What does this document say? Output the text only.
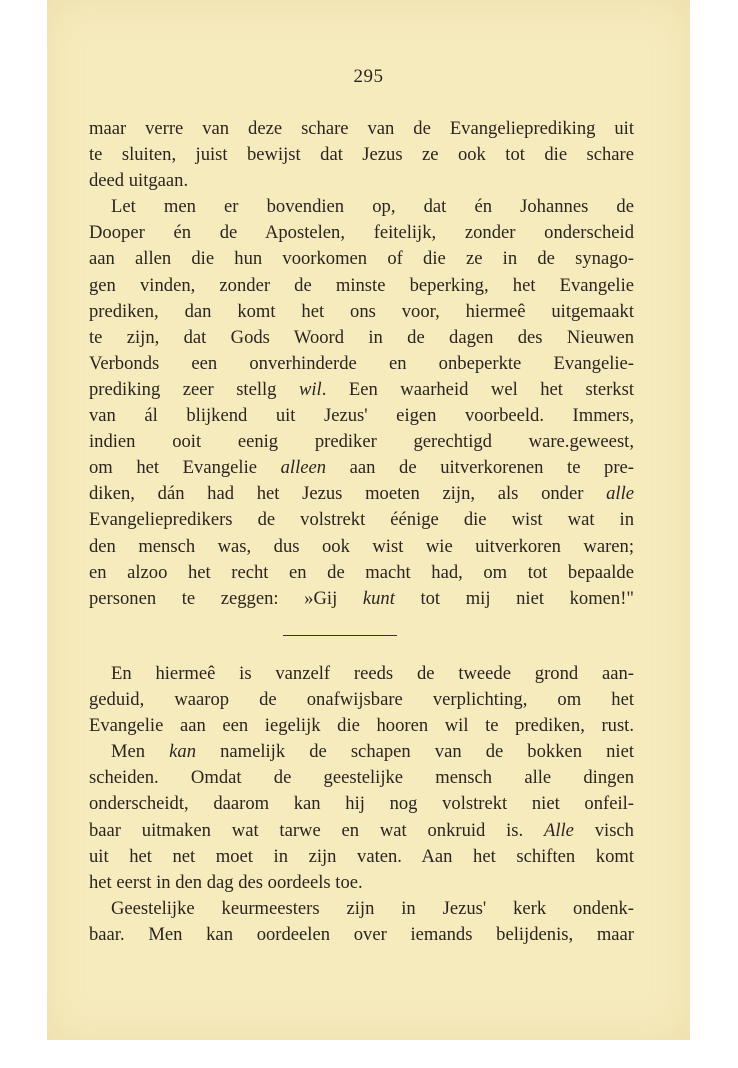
295
maar verre van deze schare van de Evangelieprediking uit
te sluiten, juist bewijst dat Jezus ze ook tot die schare
deed uitgaan.
Let men er bovendien op, dat én Johannes de
Dooper én de Apostelen, feitelijk, zonder onderscheid
aan allen die hun voorkomen of die ze in de synago-
gen vinden, zonder de minste beperking, het Evangelie
prediken, dan komt het ons voor, hiermeê uitgemaakt
te zijn, dat Gods Woord in de dagen des Nieuwen
Verbonds een onverhinderde en onbeperkte Evangelie-
prediking zeer stellg wil. Een waarheid wel het sterkst
van ál blijkend uit Jezus' eigen voorbeeld. Immers,
indien ooit eenig prediker gerechtigd ware.geweest,
om het Evangelie alleen aan de uitverkorenen te pre-
diken, dán had het Jezus moeten zijn, als onder alle
Evangeliepredikers de volstrekt éénige die wist wat in
den mensch was, dus ook wist wie uitverkoren waren;
en alzoo het recht en de macht had, om tot bepaalde
personen te zeggen: »Gij kunt tot mij niet komen!"
En hiermeê is vanzelf reeds de tweede grond aan-
geduid, waarop de onafwijsbare verplichting, om het
Evangelie aan een iegelijk die hooren wil te prediken, rust.
Men kan namelijk de schapen van de bokken niet
scheiden. Omdat de geestelijke mensch alle dingen
onderscheidt, daarom kan hij nog volstrekt niet onfeil-
baar uitmaken wat tarwe en wat onkruid is. Alle visch
uit het net moet in zijn vaten. Aan het schiften komt
het eerst in den dag des oordeels toe.
Geestelijke keurmeesters zijn in Jezus' kerk ondenk-
baar. Men kan oordeelen over iemands belijdenis, maar
